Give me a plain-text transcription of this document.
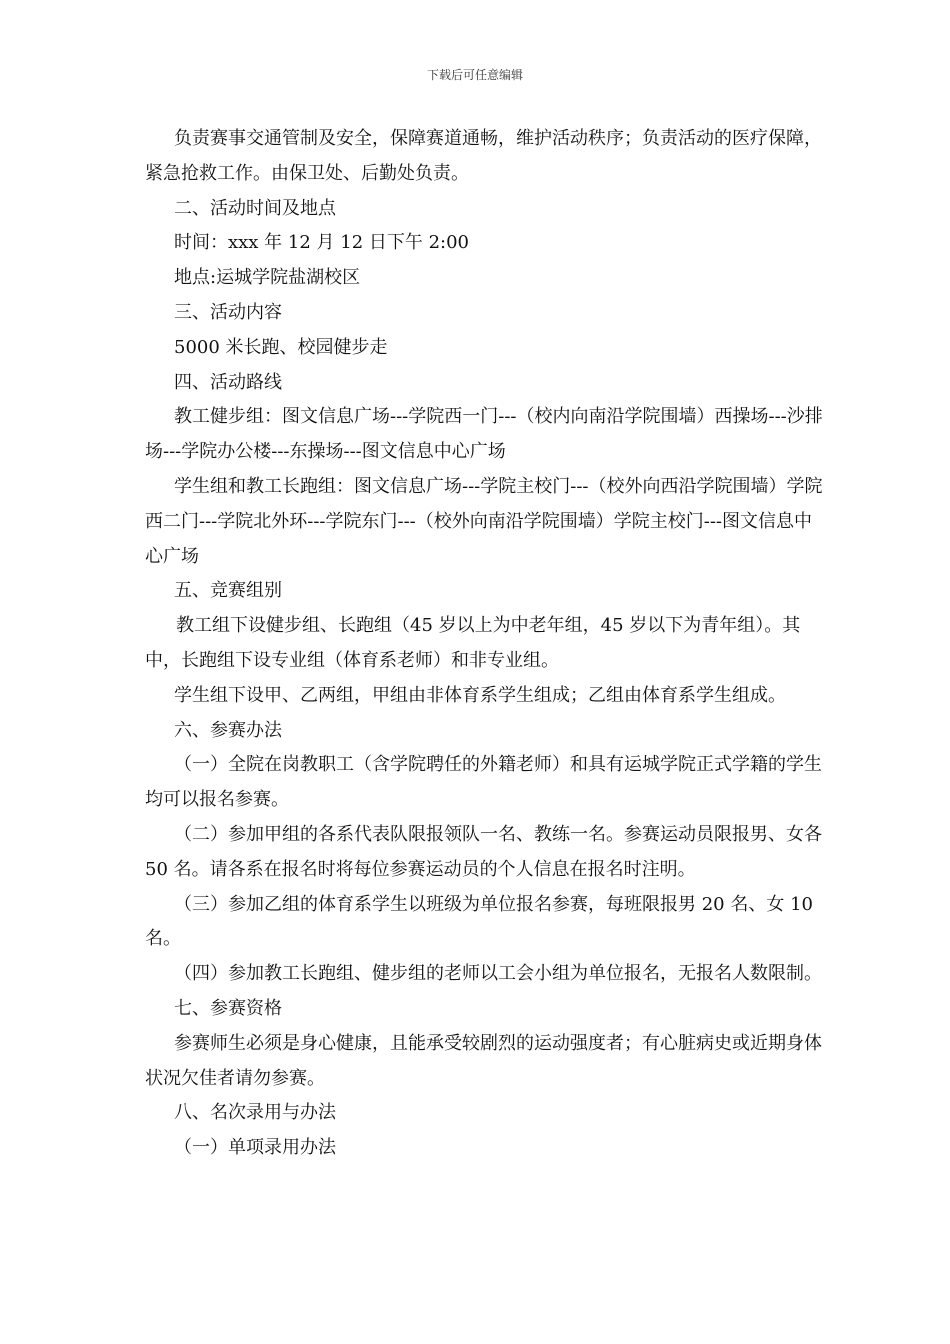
下载后可任意编辑

负责赛事交通管制及安全，保障赛道通畅，维护活动秩序；负责活动的医疗保障，紧急抢救工作。由保卫处、后勤处负责。

二、活动时间及地点

时间：xxx 年 12 月 12 日下午 2:00

地点:运城学院盐湖校区

三、活动内容

5000 米长跑、校园健步走

四、活动路线

教工健步组：图文信息广场---学院西一门---（校内向南沿学院围墙）西操场---沙排场---学院办公楼---东操场---图文信息中心广场

学生组和教工长跑组：图文信息广场---学院主校门---（校外向西沿学院围墙）学院西二门---学院北外环---学院东门---（校外向南沿学院围墙）学院主校门---图文信息中心广场

五、竞赛组别

教工组下设健步组、长跑组（45 岁以上为中老年组，45 岁以下为青年组）。其中，长跑组下设专业组（体育系老师）和非专业组。

学生组下设甲、乙两组，甲组由非体育系学生组成；乙组由体育系学生组成。

六、参赛办法

（一）全院在岗教职工（含学院聘任的外籍老师）和具有运城学院正式学籍的学生均可以报名参赛。

（二）参加甲组的各系代表队限报领队一名、教练一名。参赛运动员限报男、女各 50 名。请各系在报名时将每位参赛运动员的个人信息在报名时注明。

（三）参加乙组的体育系学生以班级为单位报名参赛，每班限报男 20 名、女 10 名。

（四）参加教工长跑组、健步组的老师以工会小组为单位报名，无报名人数限制。

七、参赛资格

参赛师生必须是身心健康，且能承受较剧烈的运动强度者；有心脏病史或近期身体状况欠佳者请勿参赛。

八、名次录用与办法

（一）单项录用办法
